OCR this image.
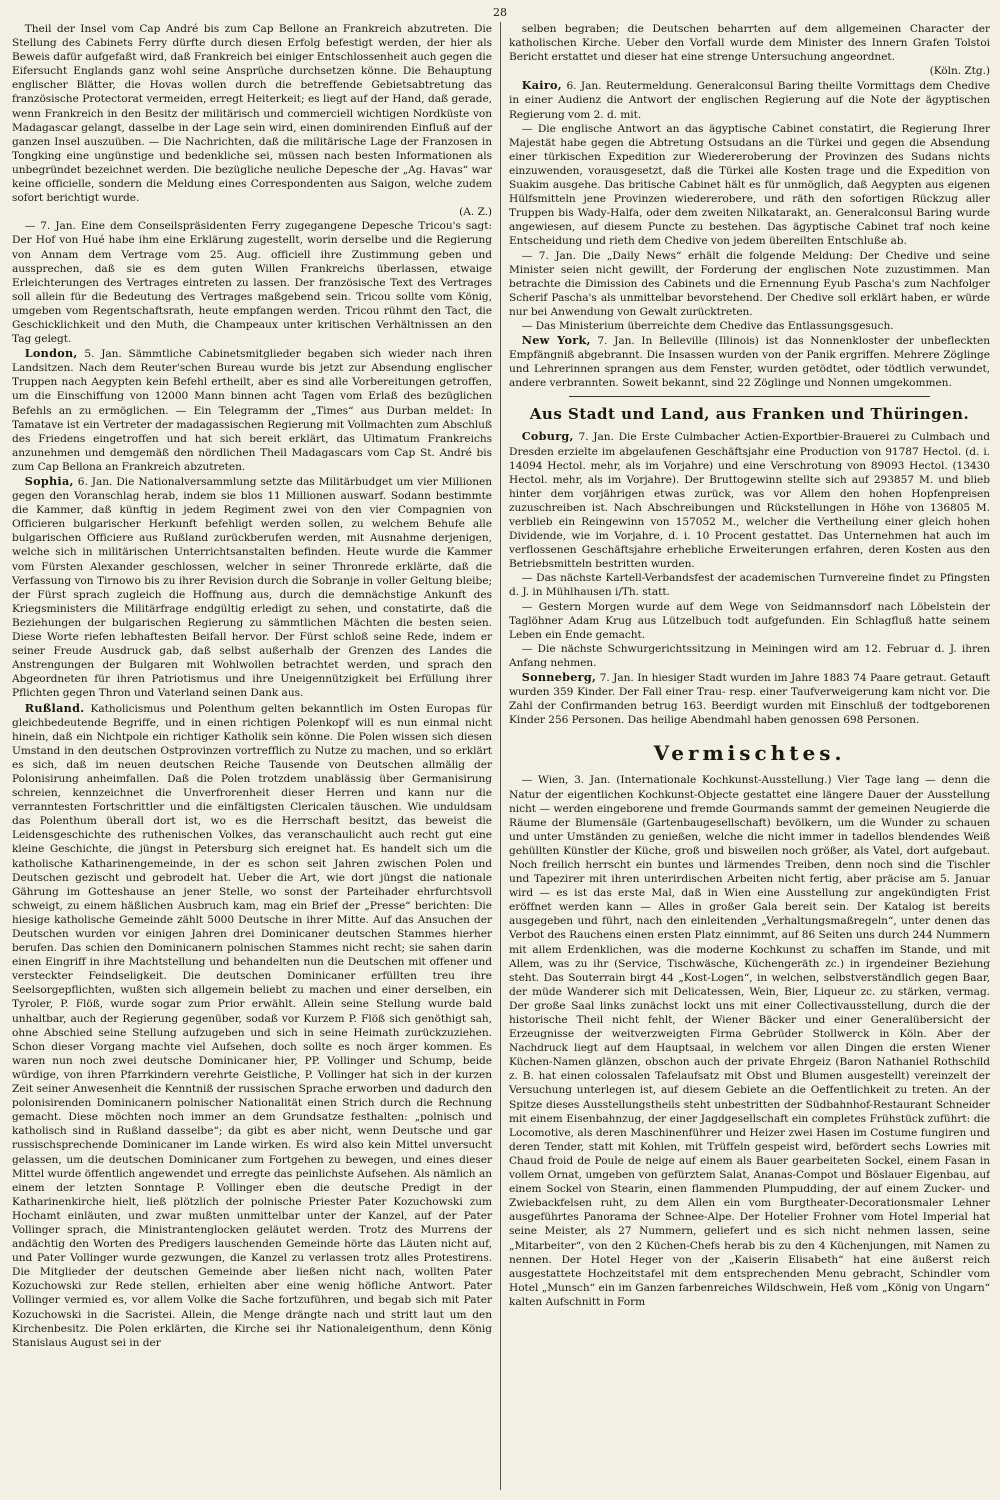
28

Theil der Insel vom Cap André bis zum Cap Bellone an Frankreich abzutreten. Die Stellung des Cabinets Ferry dürfte durch diesen Erfolg befestigt werden, der hier als Beweis dafür aufgefaßt wird, daß Frankreich bei einiger Entschlossenheit auch gegen die Eifersucht Englands ganz wohl seine Ansprüche durchsetzen könne. Die Behauptung englischer Blätter, die Hovas wollen durch die betreffende Gebietsabtretung das französische Protectorat vermeiden, erregt Heiterkeit; es liegt auf der Hand, daß gerade, wenn Frankreich in den Besitz der militärisch und commerciell wichtigen Nordküste von Madagascar gelangt, dasselbe in der Lage sein wird, einen dominirenden Einfluß auf der ganzen Insel auszuüben. — Die Nachrichten, daß die militärische Lage der Franzosen in Tongking eine ungünstige und bedenkliche sei, müssen nach besten Informationen als unbegründet bezeichnet werden. Die bezügliche neuliche Depesche der „Ag. Havas“ war keine officielle, sondern die Meldung eines Correspondenten aus Saigon, welche zudem sofort berichtigt wurde.
(A. Z.)

— 7. Jan. Eine dem Conseilspräsidenten Ferry zugegangene Depesche Tricou's sagt: Der Hof von Hué habe ihm eine Erklärung zugestellt, worin derselbe und die Regierung von Annam dem Vertrage vom 25. Aug. officiell ihre Zustimmung geben und aussprechen, daß sie es dem guten Willen Frankreichs überlassen, etwaige Erleichterungen des Vertrages eintreten zu lassen. Der französische Text des Vertrages soll allein für die Bedeutung des Vertrages maßgebend sein. Tricou sollte vom König, umgeben vom Regentschaftsrath, heute empfangen werden. Tricou rühmt den Tact, die Geschicklichkeit und den Muth, die Champeaux unter kritischen Verhältnissen an den Tag gelegt.

London, 5. Jan. Sämmtliche Cabinetsmitglieder begaben sich wieder nach ihren Landsitzen. Nach dem Reuter'schen Bureau wurde bis jetzt zur Absendung englischer Truppen nach Aegypten kein Befehl ertheilt, aber es sind alle Vorbereitungen getroffen, um die Einschiffung von 12000 Mann binnen acht Tagen vom Erlaß des bezüglichen Befehls an zu ermöglichen. — Ein Telegramm der „Times“ aus Durban meldet: In Tamatave ist ein Vertreter der madagassischen Regierung mit Vollmachten zum Abschluß des Friedens eingetroffen und hat sich bereit erklärt, das Ultimatum Frankreichs anzunehmen und demgemäß den nördlichen Theil Madagascars vom Cap St. André bis zum Cap Bellona an Frankreich abzutreten.

Sophia, 6. Jan. Die Nationalversammlung setzte das Militärbudget um vier Millionen gegen den Voranschlag herab, indem sie blos 11 Millionen auswarf. Sodann bestimmte die Kammer, daß künftig in jedem Regiment zwei von den vier Compagnien von Officieren bulgarischer Herkunft befehligt werden sollen, zu welchem Behufe alle bulgarischen Officiere aus Rußland zurückberufen werden, mit Ausnahme derjenigen, welche sich in militärischen Unterrichtsanstalten befinden. Heute wurde die Kammer vom Fürsten Alexander geschlossen, welcher in seiner Thronrede erklärte, daß die Verfassung von Tirnowo bis zu ihrer Revision durch die Sobranje in voller Geltung bleibe; der Fürst sprach zugleich die Hoffnung aus, durch die demnächstige Ankunft des Kriegsministers die Militärfrage endgültig erledigt zu sehen, und constatirte, daß die Beziehungen der bulgarischen Regierung zu sämmtlichen Mächten die besten seien. Diese Worte riefen lebhaftesten Beifall hervor. Der Fürst schloß seine Rede, indem er seiner Freude Ausdruck gab, daß selbst außerhalb der Grenzen des Landes die Anstrengungen der Bulgaren mit Wohlwollen betrachtet werden, und sprach den Abgeordneten für ihren Patriotismus und ihre Uneigennützigkeit bei Erfüllung ihrer Pflichten gegen Thron und Vaterland seinen Dank aus.

Rußland. Katholicismus und Polenthum gelten bekanntlich im Osten Europas für gleichbedeutende Begriffe, und in einen richtigen Polenkopf will es nun einmal nicht hinein, daß ein Nichtpole ein richtiger Katholik sein könne. Die Polen wissen sich diesen Umstand in den deutschen Ostprovinzen vortrefflich zu Nutze zu machen, und so erklärt es sich, daß im neuen deutschen Reiche Tausende von Deutschen allmälig der Polonisirung anheimfallen. Daß die Polen trotzdem unablässig über Germanisirung schreien, kennzeichnet die Unverfrorenheit dieser Herren und kann nur die verranntesten Fortschrittler und die einfältigsten Clericalen täuschen. Wie unduldsam das Polenthum überall dort ist, wo es die Herrschaft besitzt, das beweist die Leidensgeschichte des ruthenischen Volkes, das veranschaulicht auch recht gut eine kleine Geschichte, die jüngst in Petersburg sich ereignet hat. Es handelt sich um die katholische Katharinengemeinde, in der es schon seit Jahren zwischen Polen und Deutschen gezischt und gebrodelt hat. Ueber die Art, wie dort jüngst die nationale Gährung im Gotteshause an jener Stelle, wo sonst der Parteihader ehrfurchtsvoll schweigt, zu einem häßlichen Ausbruch kam, mag ein Brief der „Presse“ berichten: Die hiesige katholische Gemeinde zählt 5000 Deutsche in ihrer Mitte. Auf das Ansuchen der Deutschen wurden vor einigen Jahren drei Dominicaner deutschen Stammes hierher berufen. Das schien den Dominicanern polnischen Stammes nicht recht; sie sahen darin einen Eingriff in ihre Machtstellung und behandelten nun die Deutschen mit offener und versteckter Feindseligkeit. Die deutschen Dominicaner erfüllten treu ihre Seelsorgepflichten, wußten sich allgemein beliebt zu machen und einer derselben, ein Tyroler, P. Flöß, wurde sogar zum Prior erwählt. Allein seine Stellung wurde bald unhaltbar, auch der Regierung gegenüber, sodaß vor Kurzem P. Flöß sich genöthigt sah, ohne Abschied seine Stellung aufzugeben und sich in seine Heimath zurückzuziehen. Schon dieser Vorgang machte viel Aufsehen, doch sollte es noch ärger kommen. Es waren nun noch zwei deutsche Dominicaner hier, PP. Vollinger und Schump, beide würdige, von ihren Pfarrkindern verehrte Geistliche, P. Vollinger hat sich in der kurzen Zeit seiner Anwesenheit die Kenntniß der russischen Sprache erworben und dadurch den polonisirenden Dominicanern polnischer Nationalität einen Strich durch die Rechnung gemacht. Diese möchten noch immer an dem Grundsatze festhalten: „polnisch und katholisch sind in Rußland dasselbe“; da gibt es aber nicht, wenn Deutsche und gar russischsprechende Dominicaner im Lande wirken. Es wird also kein Mittel unversucht gelassen, um die deutschen Dominicaner zum Fortgehen zu bewegen, und eines dieser Mittel wurde öffentlich angewendet und erregte das peinlichste Aufsehen. Als nämlich an einem der letzten Sonntage P. Vollinger eben die deutsche Predigt in der Katharinenkirche hielt, ließ plötzlich der polnische Priester Pater Kozuchowski zum Hochamt einläuten, und zwar mußten unmittelbar unter der Kanzel, auf der Pater Vollinger sprach, die Ministrantenglocken geläutet werden. Trotz des Murrens der andächtig den Worten des Predigers lauschenden Gemeinde hörte das Läuten nicht auf, und Pater Vollinger wurde gezwungen, die Kanzel zu verlassen trotz alles Protestirens. Die Mitglieder der deutschen Gemeinde aber ließen nicht nach, wollten Pater Kozuchowski zur Rede stellen, erhielten aber eine wenig höfliche Antwort. Pater Vollinger vermied es, vor allem Volke die Sache fortzuführen, und begab sich mit Pater Kozuchowski in die Sacristei. Allein, die Menge drängte nach und stritt laut um den Kirchenbesitz. Die Polen erklärten, die Kirche sei ihr Nationaleigenthum, denn König Stanislaus August sei in der

selben begraben; die Deutschen beharrten auf dem allgemeinen Character der katholischen Kirche. Ueber den Vorfall wurde dem Minister des Innern Grafen Tolstoi Bericht erstattet und dieser hat eine strenge Untersuchung angeordnet.
(Köln. Ztg.)

Kairo, 6. Jan. Reutermeldung. Generalconsul Baring theilte Vormittags dem Chedive in einer Audienz die Antwort der englischen Regierung auf die Note der ägyptischen Regierung vom 2. d. mit.

— Die englische Antwort an das ägyptische Cabinet constatirt, die Regierung Ihrer Majestät habe gegen die Abtretung Ostsudans an die Türkei und gegen die Absendung einer türkischen Expedition zur Wiedereroberung der Provinzen des Sudans nichts einzuwenden, vorausgesetzt, daß die Türkei alle Kosten trage und die Expedition von Suakim ausgehe. Das britische Cabinet hält es für unmöglich, daß Aegypten aus eigenen Hülfsmitteln jene Provinzen wiedererobere, und räth den sofortigen Rückzug aller Truppen bis Wady-Halfa, oder dem zweiten Nilkatarakt, an. Generalconsul Baring wurde angewiesen, auf diesem Puncte zu bestehen. Das ägyptische Cabinet traf noch keine Entscheidung und rieth dem Chedive von jedem übereilten Entschluße ab.

— 7. Jan. Die „Daily News“ erhält die folgende Meldung: Der Chedive und seine Minister seien nicht gewillt, der Forderung der englischen Note zuzustimmen. Man betrachte die Dimission des Cabinets und die Ernennung Eyub Pascha's zum Nachfolger Scherif Pascha's als unmittelbar bevorstehend. Der Chedive soll erklärt haben, er würde nur bei Anwendung von Gewalt zurücktreten.

— Das Ministerium überreichte dem Chedive das Entlassungsgesuch.

New York, 7. Jan. In Belleville (Illinois) ist das Nonnenkloster der unbefleckten Empfängniß abgebrannt. Die Insassen wurden von der Panik ergriffen. Mehrere Zöglinge und Lehrerinnen sprangen aus dem Fenster, wurden getödtet, oder tödtlich verwundet, andere verbrannten. Soweit bekannt, sind 22 Zöglinge und Nonnen umgekommen.

Aus Stadt und Land, aus Franken und Thüringen.

Coburg, 7. Jan. Die Erste Culmbacher Actien-Exportbier-Brauerei zu Culmbach und Dresden erzielte im abgelaufenen Geschäftsjahr eine Production von 91787 Hectol. (d. i. 14094 Hectol. mehr, als im Vorjahre) und eine Verschrotung von 89093 Hectol. (13430 Hectol. mehr, als im Vorjahre). Der Bruttogewinn stellte sich auf 293857 M. und blieb hinter dem vorjährigen etwas zurück, was vor Allem den hohen Hopfenpreisen zuzuschreiben ist. Nach Abschreibungen und Rückstellungen in Höhe von 136805 M. verblieb ein Reingewinn von 157052 M., welcher die Vertheilung einer gleich hohen Dividende, wie im Vorjahre, d. i. 10 Procent gestattet. Das Unternehmen hat auch im verflossenen Geschäftsjahre erhebliche Erweiterungen erfahren, deren Kosten aus den Betriebsmitteln bestritten wurden.

— Das nächste Kartell-Verbandsfest der academischen Turnvereine findet zu Pfingsten d. J. in Mühlhausen i/Th. statt.

— Gestern Morgen wurde auf dem Wege von Seidmannsdorf nach Löbelstein der Taglöhner Adam Krug aus Lützelbuch todt aufgefunden. Ein Schlagfluß hatte seinem Leben ein Ende gemacht.

— Die nächste Schwurgerichtssitzung in Meiningen wird am 12. Februar d. J. ihren Anfang nehmen.

Sonneberg, 7. Jan. In hiesiger Stadt wurden im Jahre 1883 74 Paare getraut. Getauft wurden 359 Kinder. Der Fall einer Trau- resp. einer Taufverweigerung kam nicht vor. Die Zahl der Confirmanden betrug 163. Beerdigt wurden mit Einschluß der todtgeborenen Kinder 256 Personen. Das heilige Abendmahl haben genossen 698 Personen.

Vermischtes.

— Wien, 3. Jan. (Internationale Kochkunst-Ausstellung.) Vier Tage lang — denn die Natur der eigentlichen Kochkunst-Objecte gestattet eine längere Dauer der Ausstellung nicht — werden eingeborene und fremde Gourmands sammt der gemeinen Neugierde die Räume der Blumensäle (Gartenbaugesellschaft) bevölkern, um die Wunder zu schauen und unter Umständen zu genießen, welche die nicht immer in tadellos blendendes Weiß gehüllten Künstler der Küche, groß und bisweilen noch größer, als Vatel, dort aufgebaut. Noch freilich herrscht ein buntes und lärmendes Treiben, denn noch sind die Tischler und Tapezirer mit ihren unterirdischen Arbeiten nicht fertig, aber präcise am 5. Januar wird — es ist das erste Mal, daß in Wien eine Ausstellung zur angekündigten Frist eröffnet werden kann — Alles in großer Gala bereit sein. Der Katalog ist bereits ausgegeben und führt, nach den einleitenden „Verhaltungsmaßregeln“, unter denen das Verbot des Rauchens einen ersten Platz einnimmt, auf 86 Seiten uns durch 244 Nummern mit allem Erdenklichen, was die moderne Kochkunst zu schaffen im Stande, und mit Allem, was zu ihr (Service, Tischwäsche, Küchengeräth zc.) in irgendeiner Beziehung steht. Das Souterrain birgt 44 „Kost-Logen“, in welchen, selbstverständlich gegen Baar, der müde Wanderer sich mit Delicatessen, Wein, Bier, Liqueur zc. zu stärken, vermag. Der große Saal links zunächst lockt uns mit einer Collectivausstellung, durch die der historische Theil nicht fehlt, der Wiener Bäcker und einer Generalübersicht der Erzeugnisse der weitverzweigten Firma Gebrüder Stollwerck in Köln. Aber der Nachdruck liegt auf dem Hauptsaal, in welchem vor allen Dingen die ersten Wiener Küchen-Namen glänzen, obschon auch der private Ehrgeiz (Baron Nathaniel Rothschild z. B. hat einen colossalen Tafelaufsatz mit Obst und Blumen ausgestellt) vereinzelt der Versuchung unterlegen ist, auf diesem Gebiete an die Oeffentlichkeit zu treten. An der Spitze dieses Ausstellungstheils steht unbestritten der Südbahnhof-Restaurant Schneider mit einem Eisenbahnzug, der einer Jagdgesellschaft ein completes Frühstück zuführt: die Locomotive, als deren Maschinenführer und Heizer zwei Hasen im Costume fungiren und deren Tender, statt mit Kohlen, mit Trüffeln gespeist wird, befördert sechs Lowries mit Chaud froid de Poule de neige auf einem als Bauer gearbeiteten Sockel, einem Fasan in vollem Ornat, umgeben von gefürztem Salat, Ananas-Compot und Böslauer Eigenbau, auf einem Sockel von Stearin, einen flammenden Plumpudding, der auf einem Zucker- und Zwiebackfelsen ruht, zu dem Allen ein vom Burgtheater-Decorationsmaler Lehner ausgeführtes Panorama der Schnee-Alpe. Der Hotelier Frohner vom Hotel Imperial hat seine Meister, als 27 Nummern, geliefert und es sich nicht nehmen lassen, seine „Mitarbeiter“, von den 2 Küchen-Chefs herab bis zu den 4 Küchenjungen, mit Namen zu nennen. Der Hotel Heger von der „Kaiserin Elisabeth“ hat eine äußerst reich ausgestattete Hochzeitstafel mit dem entsprechenden Menu gebracht, Schindler vom Hotel „Munsch“ ein im Ganzen farbenreiches Wildschwein, Heß vom „König von Ungarn“ kalten Aufschnitt in Form
